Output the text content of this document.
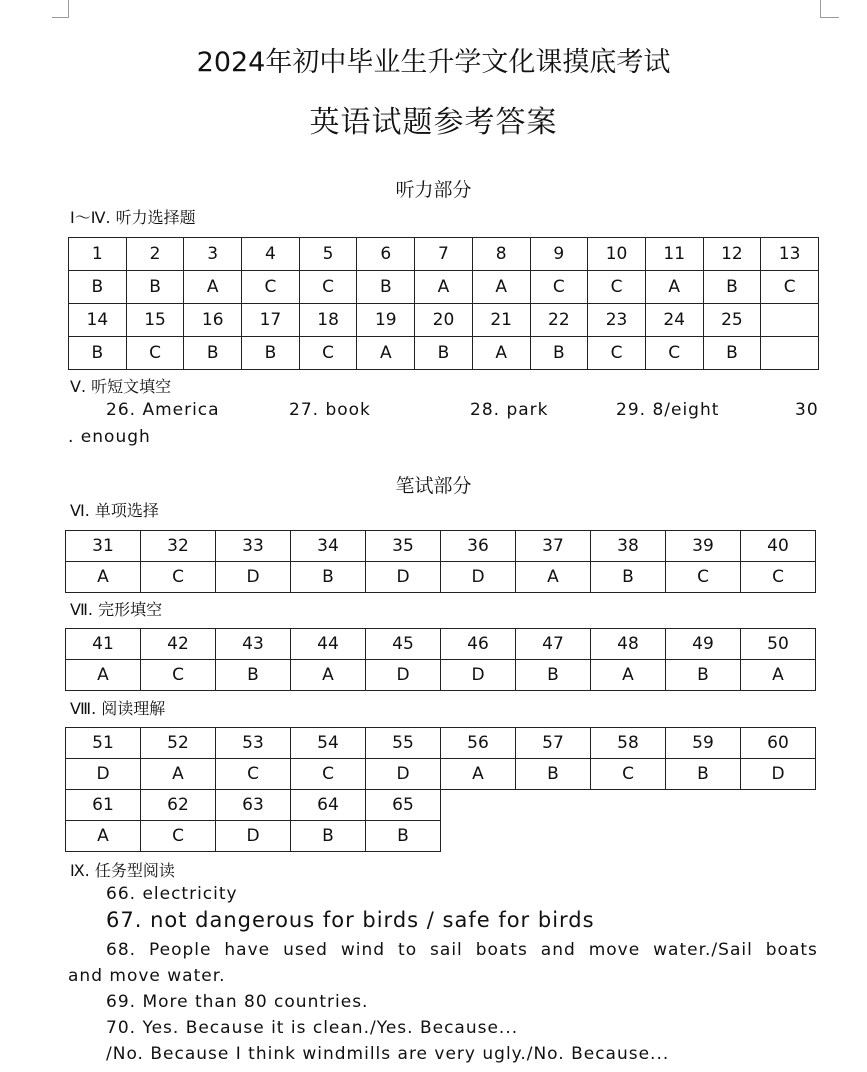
2024年初中毕业生升学文化课摸底考试
英语试题参考答案
听力部分
Ⅰ～Ⅳ. 听力选择题
1	2	3	4	5	6	7	8	9	10	11	12	13
B	B	A	C	C	B	A	A	C	C	A	B	C
14	15	16	17	18	19	20	21	22	23	24	25	
B	C	B	B	C	A	B	A	B	C	C	B	
Ⅴ. 听短文填空
26. America	27. book	28. park	29. 8/eight	30
. enough
笔试部分
Ⅵ. 单项选择
31	32	33	34	35	36	37	38	39	40
A	C	D	B	D	D	A	B	C	C
Ⅶ. 完形填空
41	42	43	44	45	46	47	48	49	50
A	C	B	A	D	D	B	A	B	A
Ⅷ. 阅读理解
51	52	53	54	55	56	57	58	59	60
D	A	C	C	D	A	B	C	B	D
61	62	63	64	65					
A	C	D	B	B					
Ⅸ. 任务型阅读
66. electricity
67. not dangerous for birds / safe for birds
68. People have used wind to sail boats and move water./Sail boats
and move water.
69. More than 80 countries.
70. Yes. Because it is clean./Yes. Because...
/No. Because I think windmills are very ugly./No. Because...
